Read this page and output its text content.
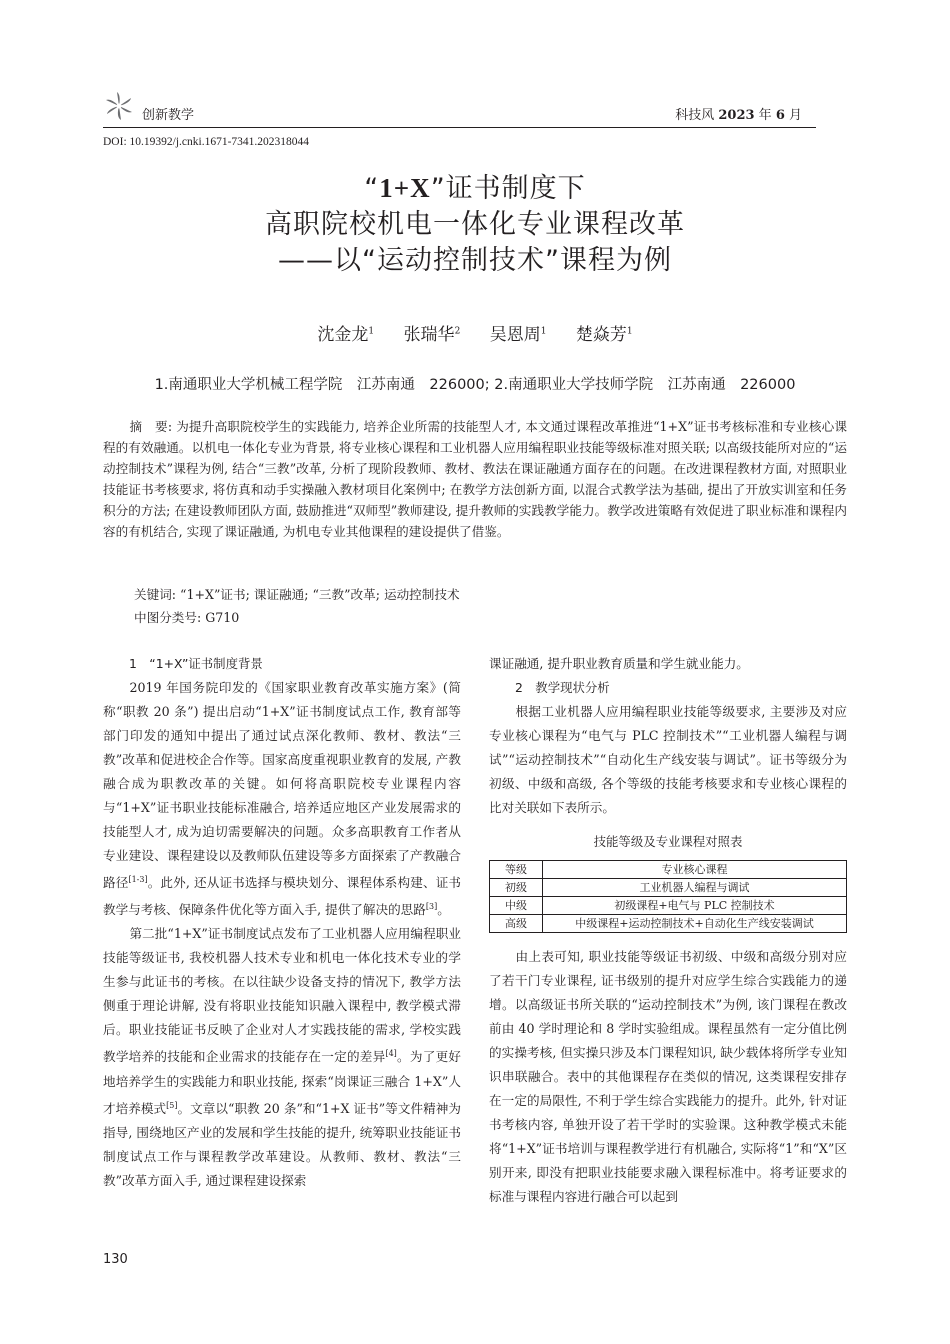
创新教学	科技风 2023 年 6 月
DOI: 10.19392/j.cnki.1671-7341.202318044
“1+X”证书制度下
高职院校机电一体化专业课程改革
——以“运动控制技术”课程为例
沈金龙$^1$ 张瑞华$^2$ 吴恩周$^1$ 楚焱芳$^1$
1.南通职业大学机械工程学院　江苏南通　226000; 2.南通职业大学技师学院　江苏南通　226000
摘　要: 为提升高职院校学生的实践能力, 培养企业所需的技能型人才, 本文通过课程改革推进“1+X”证书考核标准和专业核心课程的有效融通。以机电一体化专业为背景, 将专业核心课程和工业机器人应用编程职业技能等级标准对照关联; 以高级技能所对应的“运动控制技术”课程为例, 结合“三教”改革, 分析了现阶段教师、教材、教法在课证融通方面存在的问题。在改进课程教材方面, 对照职业技能证书考核要求, 将仿真和动手实操融入教材项目化案例中; 在教学方法创新方面, 以混合式教学法为基础, 提出了开放实训室和任务积分的方法; 在建设教师团队方面, 鼓励推进“双师型”教师建设, 提升教师的实践教学能力。教学改进策略有效促进了职业标准和课程内容的有机结合, 实现了课证融通, 为机电专业其他课程的建设提供了借鉴。
关键词: “1+X”证书; 课证融通; “三教”改革; 运动控制技术
中图分类号: G710

1　“1+X”证书制度背景

2019 年国务院印发的《国家职业教育改革实施方案》(简称“职教 20 条”) 提出启动“1+X”证书制度试点工作, 教育部等部门印发的通知中提出了通过试点深化教师、教材、教法“三教”改革和促进校企合作等。国家高度重视职业教育的发展, 产教融合成为职教改革的关键。如何将高职院校专业课程内容与“1+X”证书职业技能标准融合, 培养适应地区产业发展需求的技能型人才, 成为迫切需要解决的问题。众多高职教育工作者从专业建设、课程建设以及教师队伍建设等多方面探索了产教融合路径[1-3]。此外, 还从证书选择与模块划分、课程体系构建、证书教学与考核、保障条件优化等方面入手, 提供了解决的思路[3]。

第二批“1+X”证书制度试点发布了工业机器人应用编程职业技能等级证书, 我校机器人技术专业和机电一体化技术专业的学生参与此证书的考核。在以往缺少设备支持的情况下, 教学方法侧重于理论讲解, 没有将职业技能知识融入课程中, 教学模式滞后。职业技能证书反映了企业对人才实践技能的需求, 学校实践教学培养的技能和企业需求的技能存在一定的差异[4]。为了更好地培养学生的实践能力和职业技能, 探索“岗课证三融合 1+X”人才培养模式[5]。文章以“职教 20 条”和“1+X 证书”等文件精神为指导, 围绕地区产业的发展和学生技能的提升, 统筹职业技能证书制度试点工作与课程教学改革建设。从教师、教材、教法“三教”改革方面入手, 通过课程建设探索

课证融通, 提升职业教育质量和学生就业能力。

2　教学现状分析

根据工业机器人应用编程职业技能等级要求, 主要涉及对应专业核心课程为“电气与 PLC 控制技术”“工业机器人编程与调试”“运动控制技术”“自动化生产线安装与调试”。证书等级分为初级、中级和高级, 各个等级的技能考核要求和专业核心课程的比对关联如下表所示。

技能等级及专业课程对照表
等级	专业核心课程
初级	工业机器人编程与调试
中级	初级课程+电气与 PLC 控制技术
高级	中级课程+运动控制技术+自动化生产线安装调试

由上表可知, 职业技能等级证书初级、中级和高级分别对应了若干门专业课程, 证书级别的提升对应学生综合实践能力的递增。以高级证书所关联的“运动控制技术”为例, 该门课程在教改前由 40 学时理论和 8 学时实验组成。课程虽然有一定分值比例的实操考核, 但实操只涉及本门课程知识, 缺少载体将所学专业知识串联融合。表中的其他课程存在类似的情况, 这类课程安排存在一定的局限性, 不利于学生综合实践能力的提升。此外, 针对证书考核内容, 单独开设了若干学时的实验课。这种教学模式未能将“1+X”证书培训与课程教学进行有机融合, 实际将“1”和“X”区别开来, 即没有把职业技能要求融入课程标准中。将考证要求的标准与课程内容进行融合可以起到

130
